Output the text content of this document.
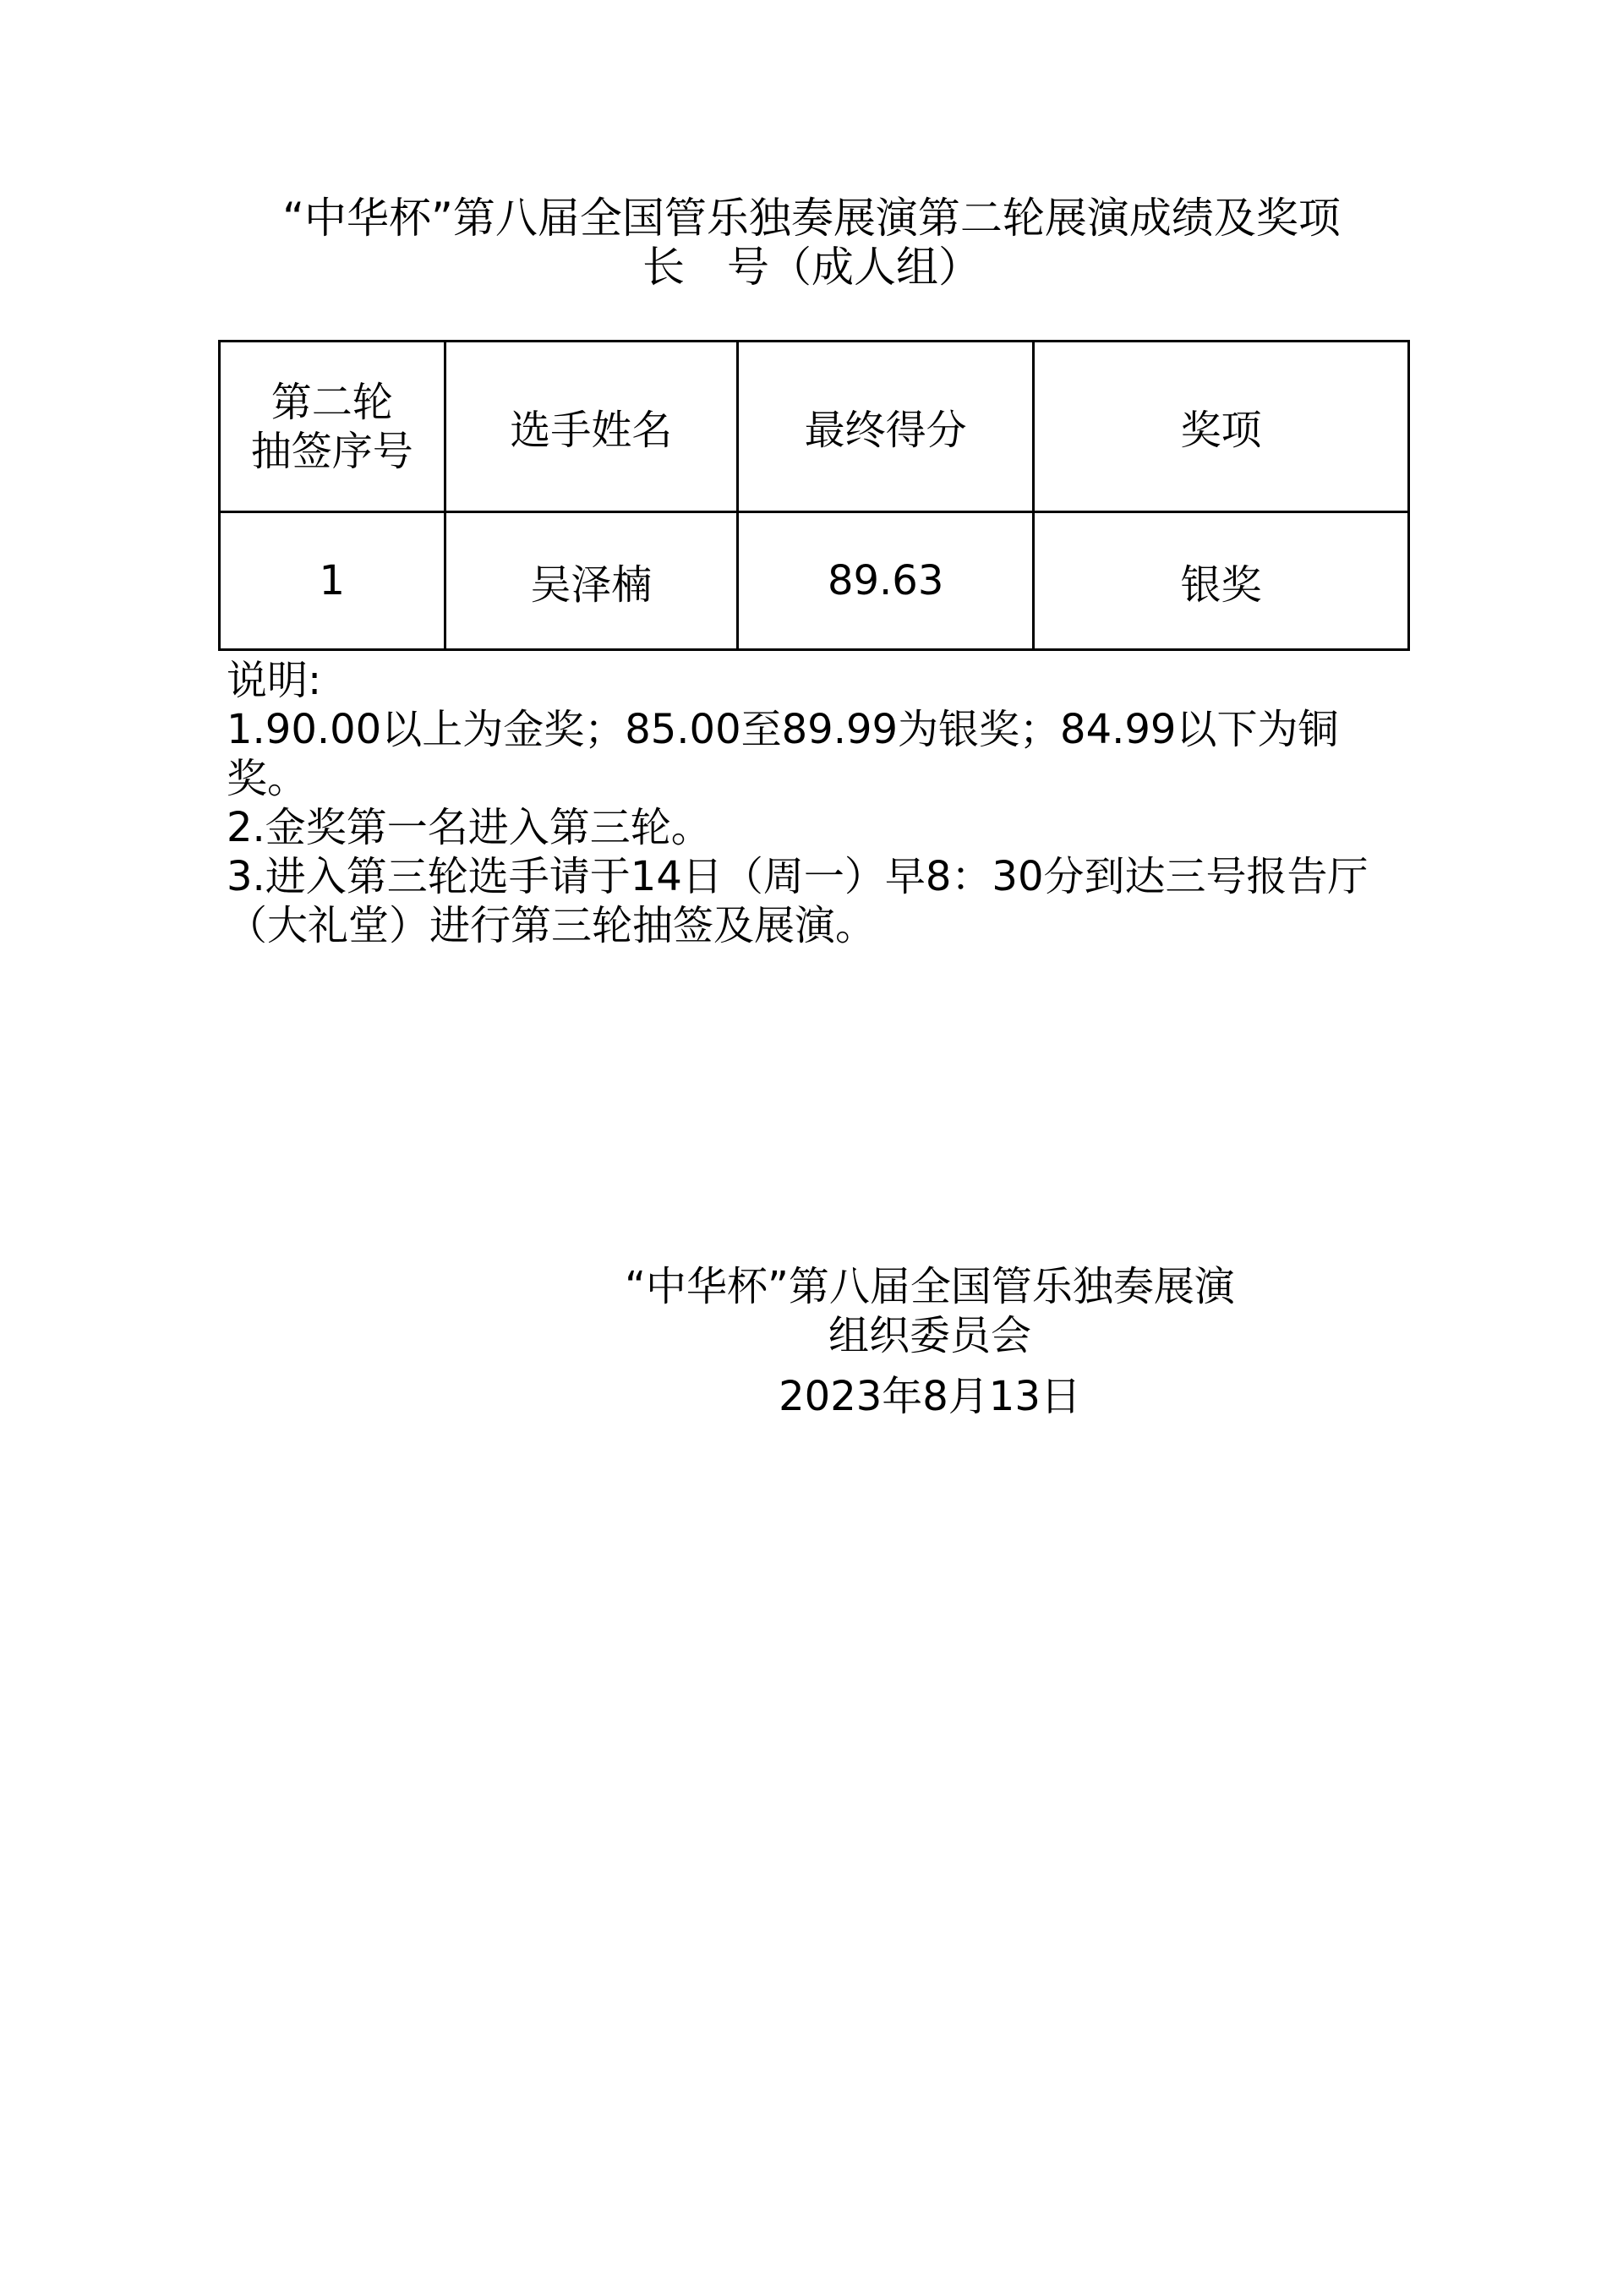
“中华杯”第八届全国管乐独奏展演第二轮展演成绩及奖项
长　号（成人组）
第二轮
抽签序号	选手姓名	最终得分	奖项
1	吴泽楠	89.63	银奖

说明:

1.90.00以上为金奖；85.00至89.99为银奖；84.99以下为铜奖。

2.金奖第一名进入第三轮。

3.进入第三轮选手请于14日（周一）早8：30分到达三号报告厅（大礼堂）进行第三轮抽签及展演。

“中华杯”第八届全国管乐独奏展演
组织委员会
2023年8月13日
